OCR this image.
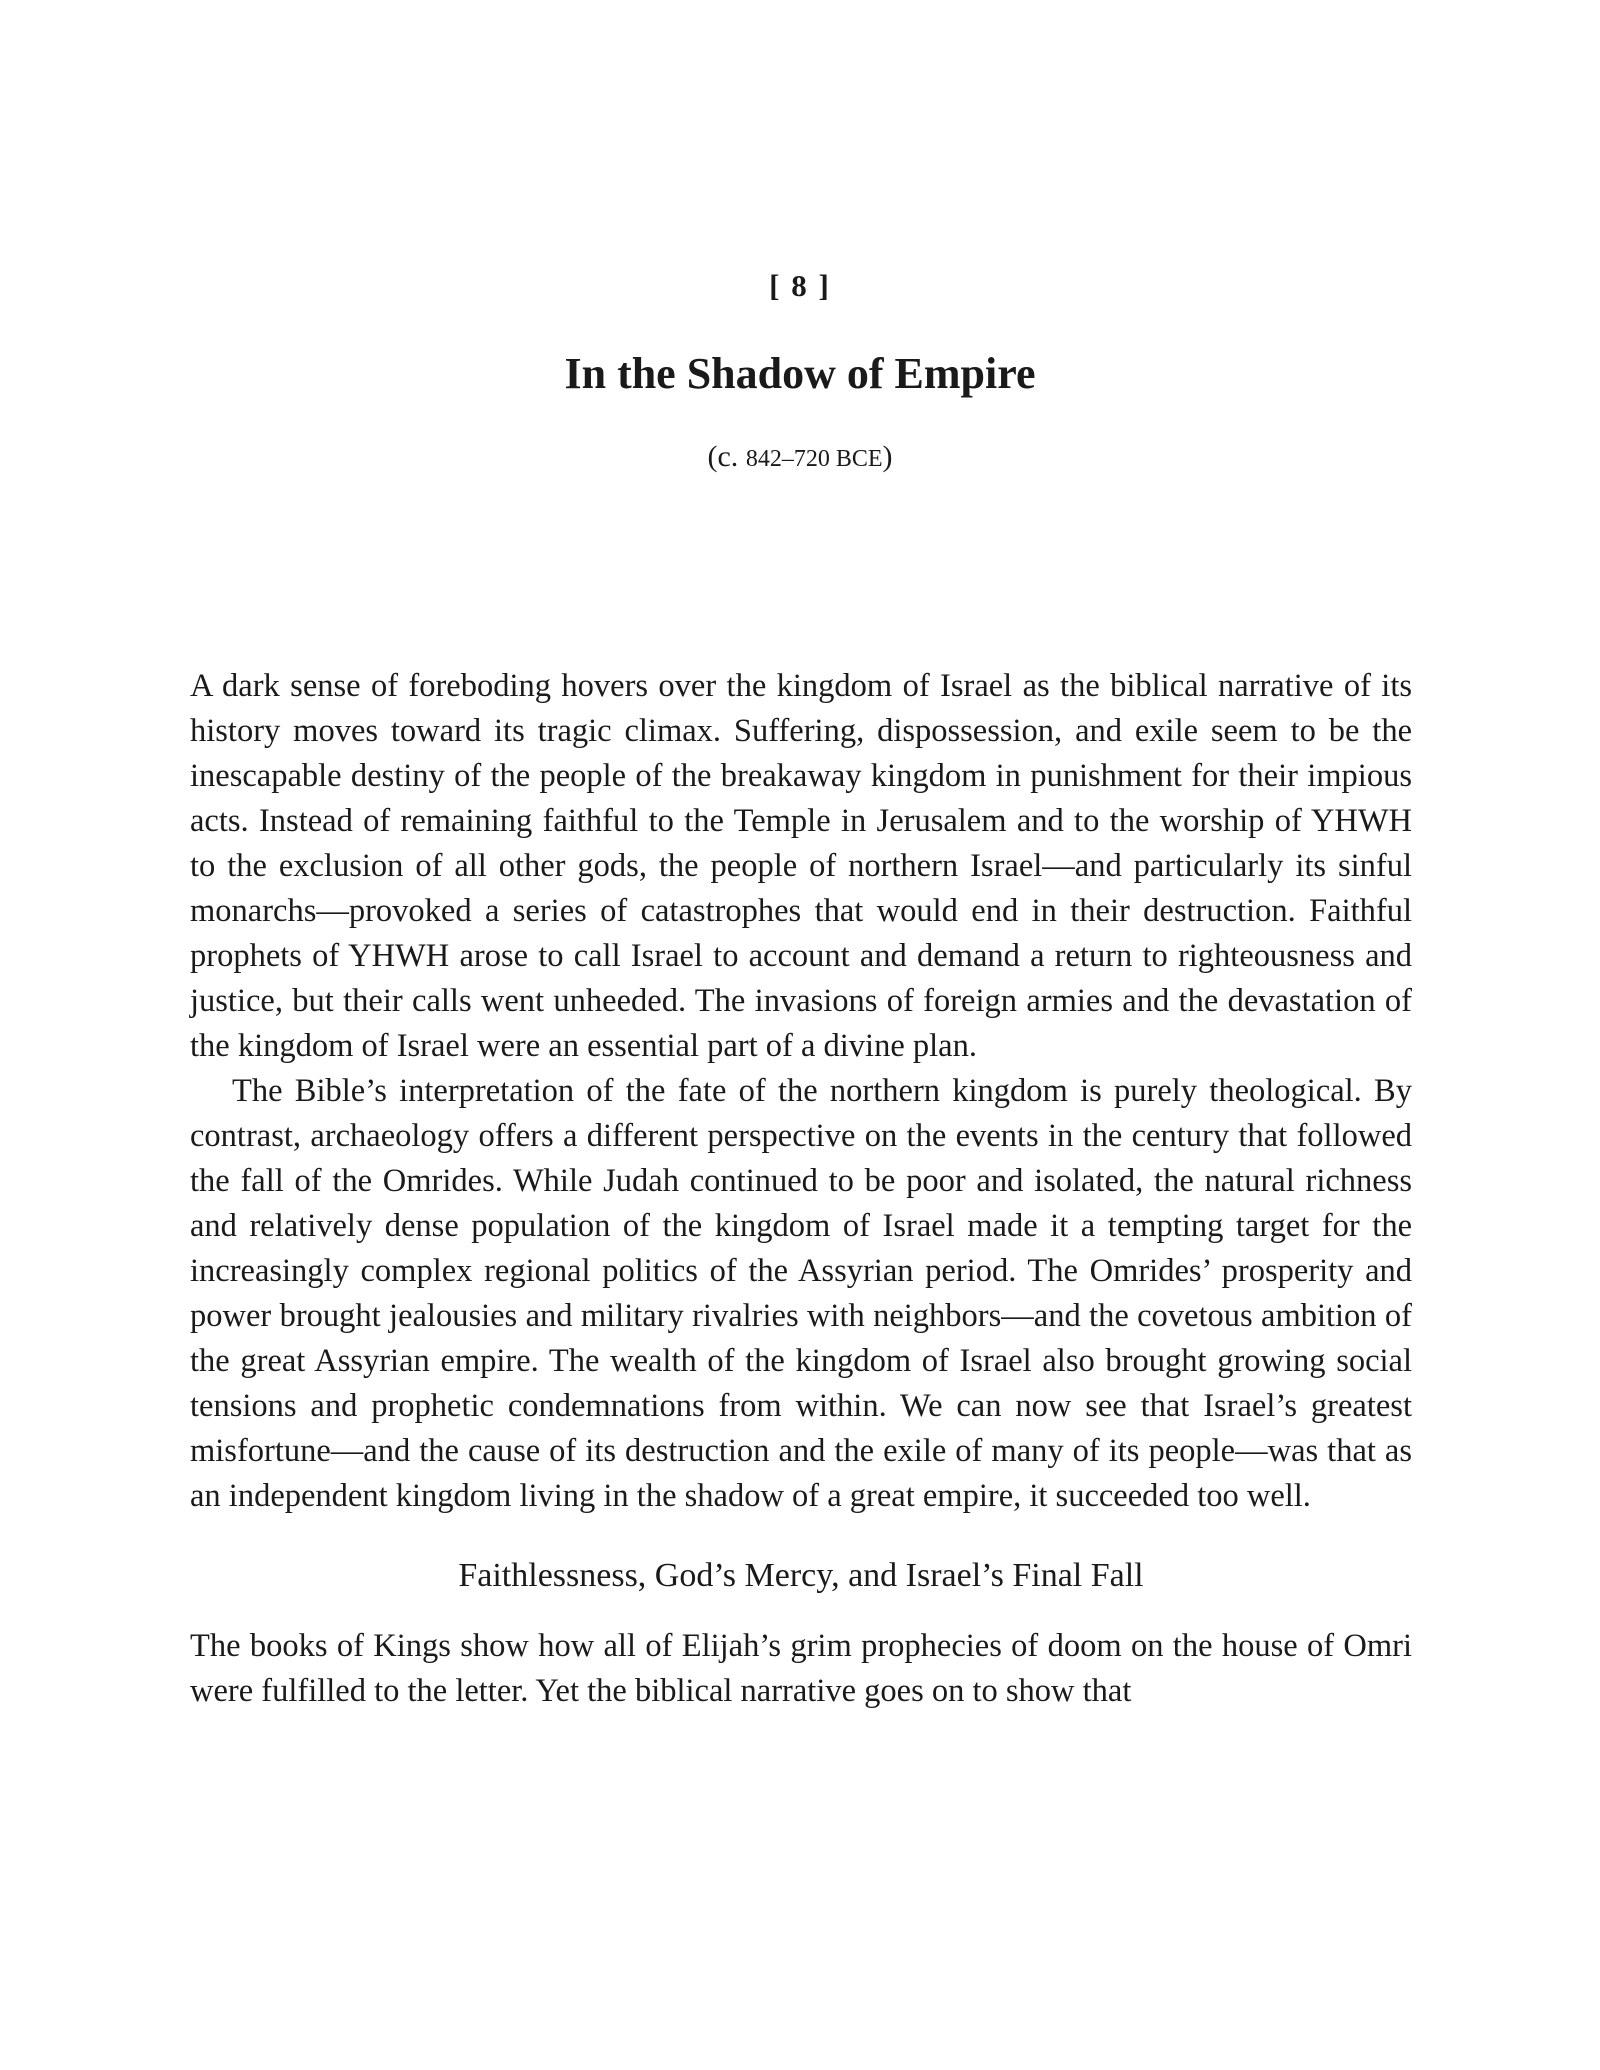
[ 8 ]
In the Shadow of Empire
(c. 842–720 BCE)

A dark sense of foreboding hovers over the kingdom of Israel as the biblical narrative of its history moves toward its tragic climax. Suffering, dispossession, and exile seem to be the inescapable destiny of the people of the breakaway kingdom in punishment for their impious acts. Instead of remaining faithful to the Temple in Jerusalem and to the worship of YHWH to the exclusion of all other gods, the people of northern Israel—and particularly its sinful monarchs—provoked a series of catastrophes that would end in their destruction. Faithful prophets of YHWH arose to call Israel to account and demand a return to righteousness and justice, but their calls went unheeded. The invasions of foreign armies and the devastation of the kingdom of Israel were an essential part of a divine plan.

The Bible’s interpretation of the fate of the northern kingdom is purely theological. By contrast, archaeology offers a different perspective on the events in the century that followed the fall of the Omrides. While Judah continued to be poor and isolated, the natural richness and relatively dense population of the kingdom of Israel made it a tempting target for the increasingly complex regional politics of the Assyrian period. The Omrides’ prosperity and power brought jealousies and military rivalries with neighbors—and the covetous ambition of the great Assyrian empire. The wealth of the kingdom of Israel also brought growing social tensions and prophetic condemnations from within. We can now see that Israel’s greatest misfortune—and the cause of its destruction and the exile of many of its people—was that as an independent kingdom living in the shadow of a great empire, it succeeded too well.

Faithlessness, God’s Mercy, and Israel’s Final Fall

The books of Kings show how all of Elijah’s grim prophecies of doom on the house of Omri were fulfilled to the letter. Yet the biblical narrative goes on to show that
